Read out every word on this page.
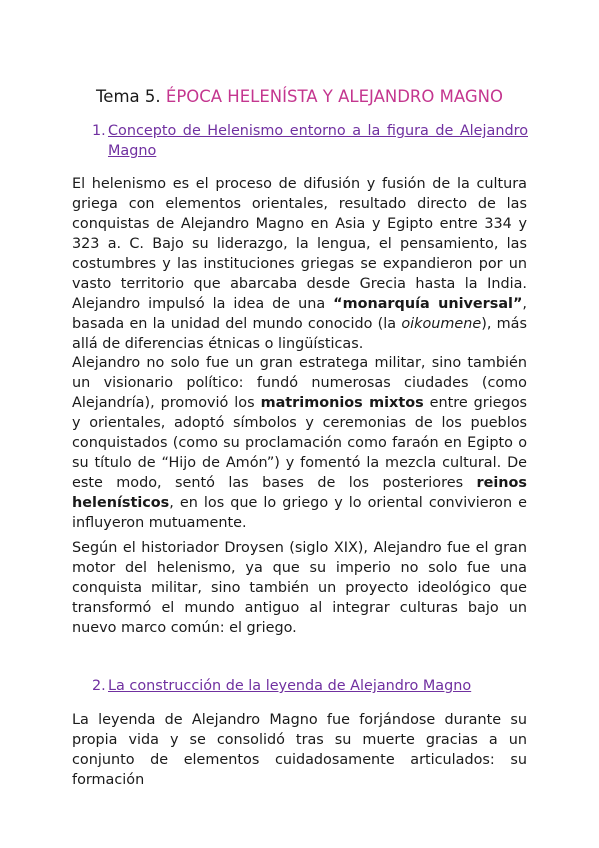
Tema 5. ÉPOCA HELENÍSTA Y ALEJANDRO MAGNO
1. Concepto de Helenismo entorno a la figura de Alejandro Magno
El helenismo es el proceso de difusión y fusión de la cultura griega con elementos orientales, resultado directo de las conquistas de Alejandro Magno en Asia y Egipto entre 334 y 323 a. C. Bajo su liderazgo, la lengua, el pensamiento, las costumbres y las instituciones griegas se expandieron por un vasto territorio que abarcaba desde Grecia hasta la India. Alejandro impulsó la idea de una “monarquía universal”, basada en la unidad del mundo conocido (la oikoumene), más allá de diferencias étnicas o lingüísticas.
Alejandro no solo fue un gran estratega militar, sino también un visionario político: fundó numerosas ciudades (como Alejandría), promovió los matrimonios mixtos entre griegos y orientales, adoptó símbolos y ceremonias de los pueblos conquistados (como su proclamación como faraón en Egipto o su título de “Hijo de Amón”) y fomentó la mezcla cultural. De este modo, sentó las bases de los posteriores reinos helenísticos, en los que lo griego y lo oriental convivieron e influyeron mutuamente.
Según el historiador Droysen (siglo XIX), Alejandro fue el gran motor del helenismo, ya que su imperio no solo fue una conquista militar, sino también un proyecto ideológico que transformó el mundo antiguo al integrar culturas bajo un nuevo marco común: el griego.
2. La construcción de la leyenda de Alejandro Magno
La leyenda de Alejandro Magno fue forjándose durante su propia vida y se consolidó tras su muerte gracias a un conjunto de elementos cuidadosamente articulados: su formación
